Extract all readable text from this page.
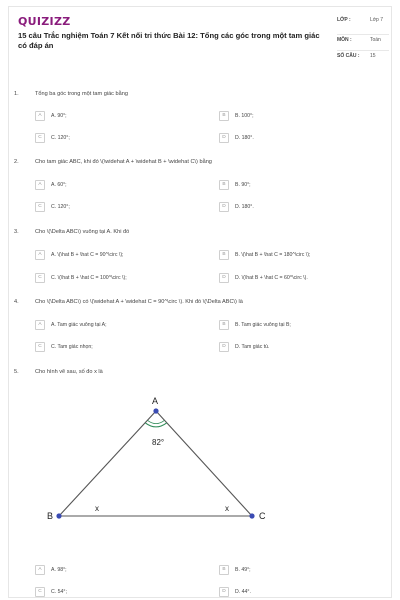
QUIZIZZ
15 câu Trắc nghiệm Toán 7 Kết nối tri thức Bài 12: Tổng các góc trong một tam giác có đáp án
LỚP :	Lớp 7
MÔN :	Toán
SỐ CÂU : 15
1.	Tổng ba góc trong một tam giác bằng
A	A. 90°;	B	B. 100°;
C	C. 120°;	D	D. 180°.
2.	Cho tam giác ABC, khi đó \(\widehat A + \widehat B + \widehat C\) bằng
A	A. 60°;	B	B. 90°;
C	C. 120°;	D	D. 180°.
3.	Cho \(\Delta ABC\) vuông tại A. Khi đó
A	A. \(\hat B + \hat C = 90^\circ \);	B	B. \(\hat B + \hat C = 180^\circ \);
C	C. \(\hat B + \hat C = 100^\circ \);	D	D. \(\hat B + \hat C = 60^\circ \).
4.	Cho \(\Delta ABC\) có \(\widehat A + \widehat C = 90^\circ \). Khi đó \(\Delta ABC\) là
A	A. Tam giác vuông tại A;	B	B. Tam giác vuông tại B;
C	C. Tam giác nhọn;	D	D. Tam giác tù.
5.	Cho hình vẽ sau, số đo x là
A
B	C
82°
x	x
A	A. 98°;	B	B. 49°;
C	C. 54°;	D	D. 44°.
